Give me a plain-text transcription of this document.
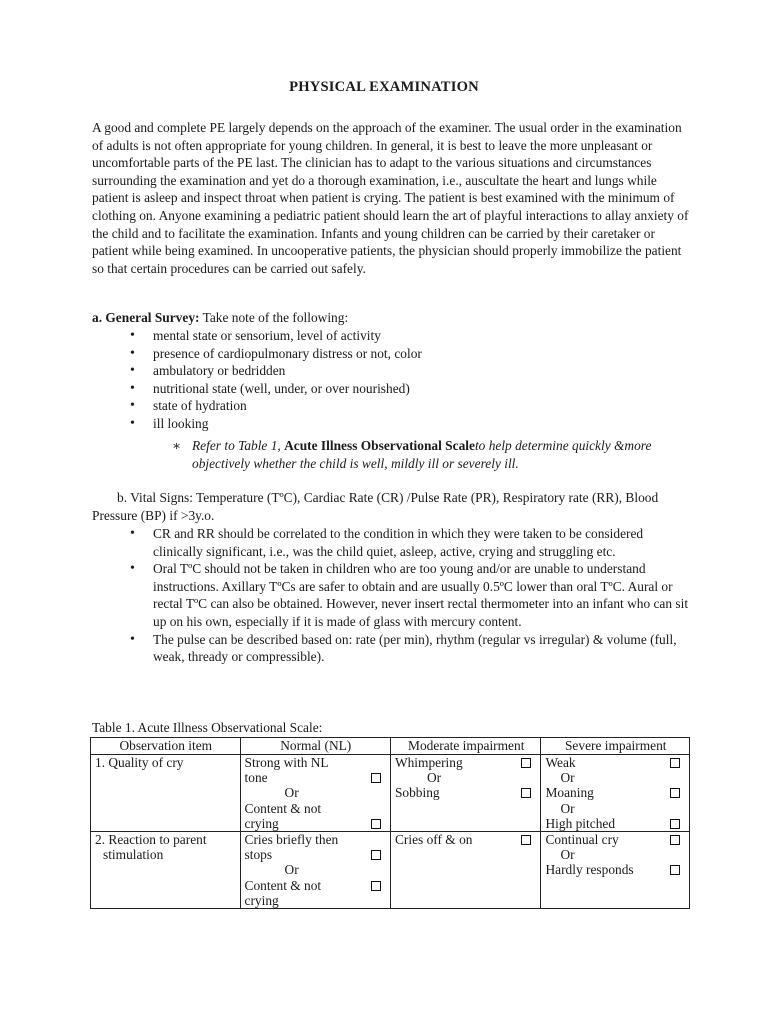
PHYSICAL EXAMINATION

A good and complete PE largely depends on the approach of the examiner. The usual order in the examination of adults is not often appropriate for young children. In general, it is best to leave the more unpleasant or uncomfortable parts of the PE last. The clinician has to adapt to the various situations and circumstances surrounding the examination and yet do a thorough examination, i.e., auscultate the heart and lungs while patient is asleep and inspect throat when patient is crying. The patient is best examined with the minimum of clothing on. Anyone examining a pediatric patient should learn the art of playful interactions to allay anxiety of the child and to facilitate the examination. Infants and young children can be carried by their caretaker or patient while being examined. In uncooperative patients, the physician should properly immobilize the patient so that certain procedures can be carried out safely.

a. General Survey: Take note of the following:

• mental state or sensorium, level of activity
• presence of cardiopulmonary distress or not, color
• ambulatory or bedridden
• nutritional state (well, under, or over nourished)
• state of hydration
• ill looking
∗ Refer to Table 1, Acute Illness Observational Scaleto help determine quickly &more objectively whether the child is well, mildly ill or severely ill.

b. Vital Signs: Temperature (TºC), Cardiac Rate (CR) /Pulse Rate (PR), Respiratory rate (RR), Blood Pressure (BP) if >3y.o.

• CR and RR should be correlated to the condition in which they were taken to be considered clinically significant, i.e., was the child quiet, asleep, active, crying and struggling etc.
• Oral TºC should not be taken in children who are too young and/or are unable to understand instructions. Axillary TºCs are safer to obtain and are usually 0.5ºC lower than oral TºC. Aural or rectal TºC can also be obtained. However, never insert rectal thermometer into an infant who can sit up on his own, especially if it is made of glass with mercury content.
• The pulse can be described based on: rate (per min), rhythm (regular vs irregular) & volume (full, weak, thready or compressible).

Table 1. Acute Illness Observational Scale:

Observation item	Normal (NL)	Moderate impairment	Severe impairment

1. Quality of cry	Strong with NL
tone
Or
Content & not
crying	Whimpering
Or
Sobbing	Weak
Or
Moaning
Or
High pitched

2. Reaction to parent
stimulation	Cries briefly then
stops
Or
Content & not
crying	Cries off & on	Continual cry
Or
Hardly responds
